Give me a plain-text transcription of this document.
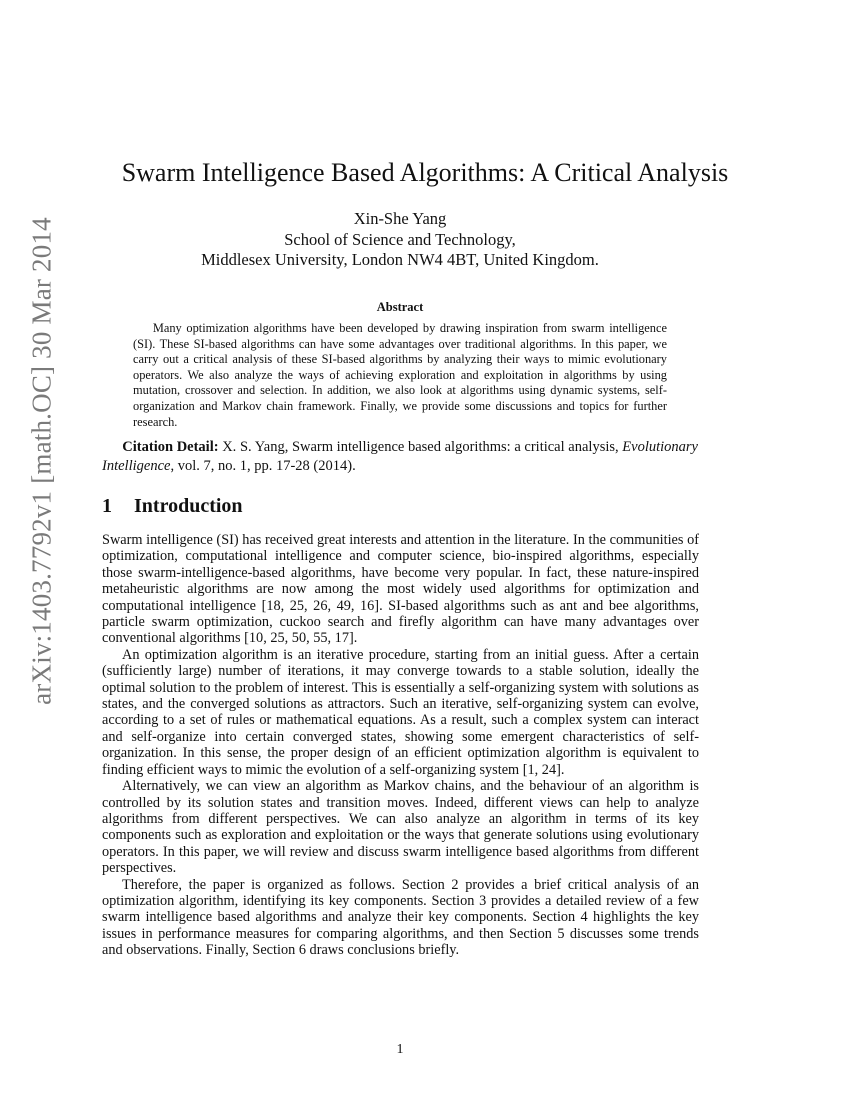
arXiv:1403.7792v1 [math.OC] 30 Mar 2014
Swarm Intelligence Based Algorithms: A Critical Analysis
Xin-She Yang
School of Science and Technology,
Middlesex University, London NW4 4BT, United Kingdom.
Abstract

Many optimization algorithms have been developed by drawing inspiration from swarm intelligence (SI). These SI-based algorithms can have some advantages over traditional algorithms. In this paper, we carry out a critical analysis of these SI-based algorithms by analyzing their ways to mimic evolutionary operators. We also analyze the ways of achieving exploration and exploitation in algorithms by using mutation, crossover and selection. In addition, we also look at algorithms using dynamic systems, self-organization and Markov chain framework. Finally, we provide some discussions and topics for further research.

Citation Detail: X. S. Yang, Swarm intelligence based algorithms: a critical analysis, Evolutionary Intelligence, vol. 7, no. 1, pp. 17-28 (2014).

1 Introduction

Swarm intelligence (SI) has received great interests and attention in the literature. In the communities of optimization, computational intelligence and computer science, bio-inspired algorithms, especially those swarm-intelligence-based algorithms, have become very popular. In fact, these nature-inspired metaheuristic algorithms are now among the most widely used algorithms for optimization and computational intelligence [18, 25, 26, 49, 16]. SI-based algorithms such as ant and bee algorithms, particle swarm optimization, cuckoo search and firefly algorithm can have many advantages over conventional algorithms [10, 25, 50, 55, 17].

An optimization algorithm is an iterative procedure, starting from an initial guess. After a certain (sufficiently large) number of iterations, it may converge towards to a stable solution, ideally the optimal solution to the problem of interest. This is essentially a self-organizing system with solutions as states, and the converged solutions as attractors. Such an iterative, self-organizing system can evolve, according to a set of rules or mathematical equations. As a result, such a complex system can interact and self-organize into certain converged states, showing some emergent characteristics of self-organization. In this sense, the proper design of an efficient optimization algorithm is equivalent to finding efficient ways to mimic the evolution of a self-organizing system [1, 24].

Alternatively, we can view an algorithm as Markov chains, and the behaviour of an algorithm is controlled by its solution states and transition moves. Indeed, different views can help to analyze algorithms from different perspectives. We can also analyze an algorithm in terms of its key components such as exploration and exploitation or the ways that generate solutions using evolutionary operators. In this paper, we will review and discuss swarm intelligence based algorithms from different perspectives.

Therefore, the paper is organized as follows. Section 2 provides a brief critical analysis of an optimization algorithm, identifying its key components. Section 3 provides a detailed review of a few swarm intelligence based algorithms and analyze their key components. Section 4 highlights the key issues in performance measures for comparing algorithms, and then Section 5 discusses some trends and observations. Finally, Section 6 draws conclusions briefly.

1
